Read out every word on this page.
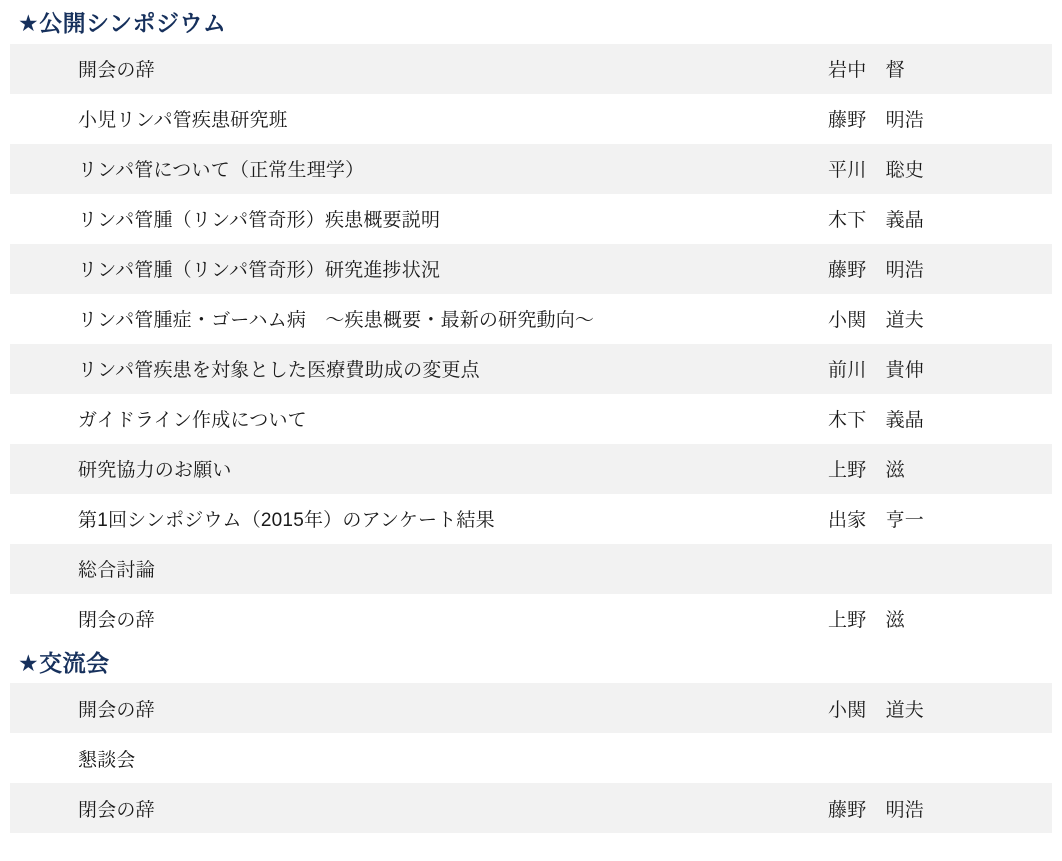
★公開シンポジウム
開会の辞	岩中　督
小児リンパ管疾患研究班	藤野　明浩
リンパ管について（正常生理学）	平川　聡史
リンパ管腫（リンパ管奇形）疾患概要説明	木下　義晶
リンパ管腫（リンパ管奇形）研究進捗状況	藤野　明浩
リンパ管腫症・ゴーハム病　〜疾患概要・最新の研究動向〜	小関　道夫
リンパ管疾患を対象とした医療費助成の変更点	前川　貴伸
ガイドライン作成について	木下　義晶
研究協力のお願い	上野　滋
第1回シンポジウム（2015年）のアンケート結果	出家　亨一
総合討論
閉会の辞	上野　滋
★交流会
開会の辞	小関　道夫
懇談会
閉会の辞	藤野　明浩
